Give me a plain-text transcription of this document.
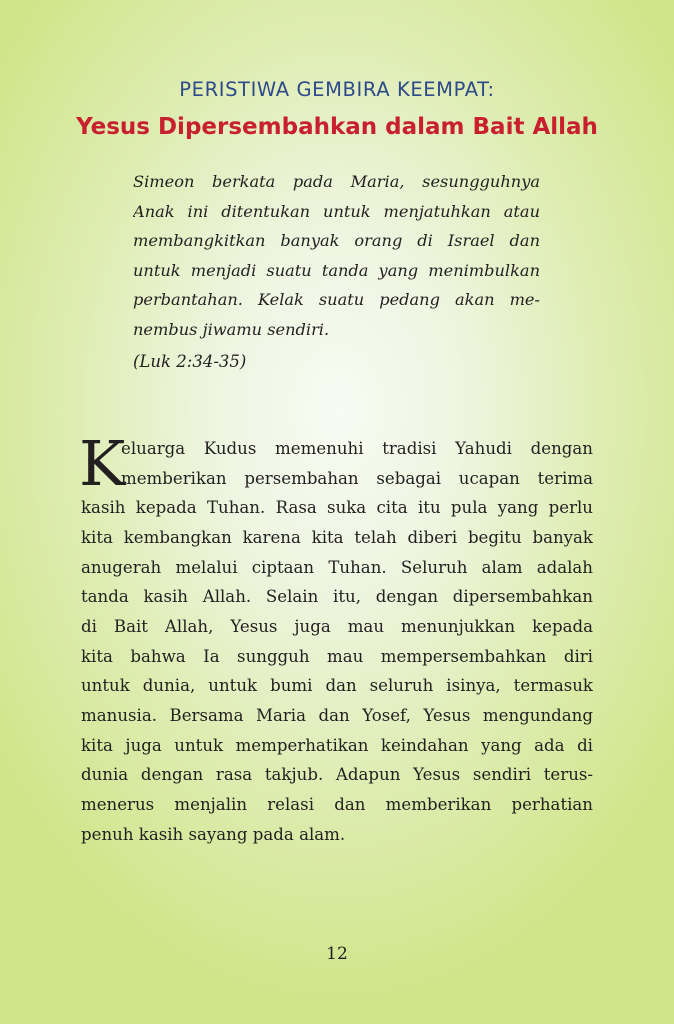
PERISTIWA GEMBIRA KEEMPAT:
Yesus Dipersembahkan dalam Bait Allah
Simeon berkata pada Maria, sesungguhnya
Anak ini ditentukan untuk menjatuhkan atau
membangkitkan banyak orang di Israel dan
untuk menjadi suatu tanda yang menimbulkan
perbantahan. Kelak suatu pedang akan me-
nembus jiwamu sendiri.
(Luk 2:34-35)
K
eluarga Kudus memenuhi tradisi Yahudi dengan
memberikan persembahan sebagai ucapan terima
kasih kepada Tuhan. Rasa suka cita itu pula yang perlu
kita kembangkan karena kita telah diberi begitu banyak
anugerah melalui ciptaan Tuhan. Seluruh alam adalah
tanda kasih Allah. Selain itu, dengan dipersembahkan
di Bait Allah, Yesus juga mau menunjukkan kepada
kita bahwa Ia sungguh mau mempersembahkan diri
untuk dunia, untuk bumi dan seluruh isinya, termasuk
manusia. Bersama Maria dan Yosef, Yesus mengundang
kita juga untuk memperhatikan keindahan yang ada di
dunia dengan rasa takjub. Adapun Yesus sendiri terus-
menerus menjalin relasi dan memberikan perhatian
penuh kasih sayang pada alam.
12
